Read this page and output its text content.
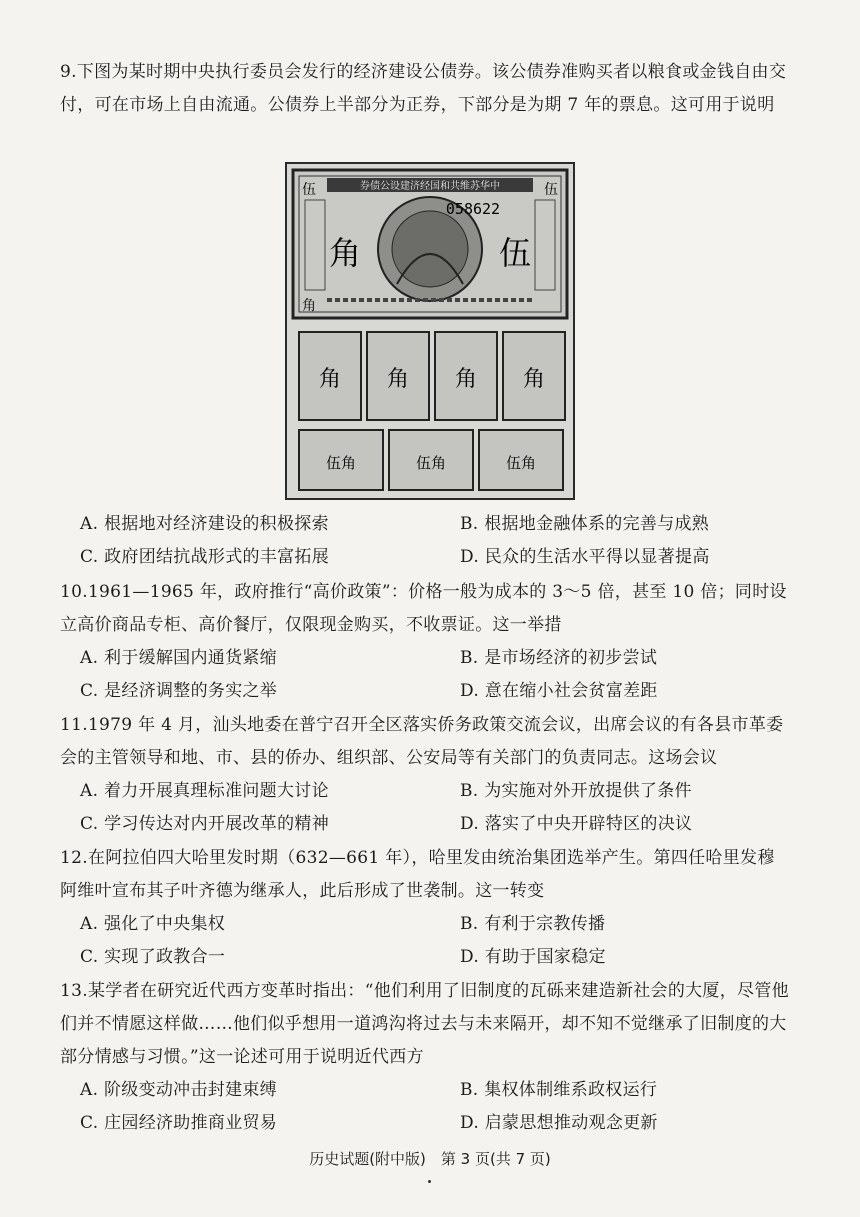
9.下图为某时期中央执行委员会发行的经济建设公债券。该公债券准购买者以粮食或金钱自由交付，可在市场上自由流通。公债券上半部分为正券，下部分是为期 7 年的票息。这可用于说明

券债公设建济经国和共维苏华中
伍	伍
角
058622
角	伍
角 角 角 角
伍角	伍角	伍角
A. 根据地对经济建设的积极探索	B. 根据地金融体系的完善与成熟
C. 政府团结抗战形式的丰富拓展	D. 民众的生活水平得以显著提高

10.1961—1965 年，政府推行“高价政策”：价格一般为成本的 3～5 倍，甚至 10 倍；同时设立高价商品专柜、高价餐厅，仅限现金购买，不收票证。这一举措

A. 利于缓解国内通货紧缩	B. 是市场经济的初步尝试
C. 是经济调整的务实之举	D. 意在缩小社会贫富差距

11.1979 年 4 月，汕头地委在普宁召开全区落实侨务政策交流会议，出席会议的有各县市革委会的主管领导和地、市、县的侨办、组织部、公安局等有关部门的负责同志。这场会议

A. 着力开展真理标准问题大讨论	B. 为实施对外开放提供了条件
C. 学习传达对内开展改革的精神	D. 落实了中央开辟特区的决议

12.在阿拉伯四大哈里发时期（632—661 年），哈里发由统治集团选举产生。第四任哈里发穆阿维叶宣布其子叶齐德为继承人，此后形成了世袭制。这一转变

A. 强化了中央集权	B. 有利于宗教传播
C. 实现了政教合一	D. 有助于国家稳定

13.某学者在研究近代西方变革时指出：“他们利用了旧制度的瓦砾来建造新社会的大厦，尽管他们并不情愿这样做……他们似乎想用一道鸿沟将过去与未来隔开，却不知不觉继承了旧制度的大部分情感与习惯。”这一论述可用于说明近代西方

A. 阶级变动冲击封建束缚	B. 集权体制维系政权运行
C. 庄园经济助推商业贸易	D. 启蒙思想推动观念更新
历史试题(附中版)　第 3 页(共 7 页)
